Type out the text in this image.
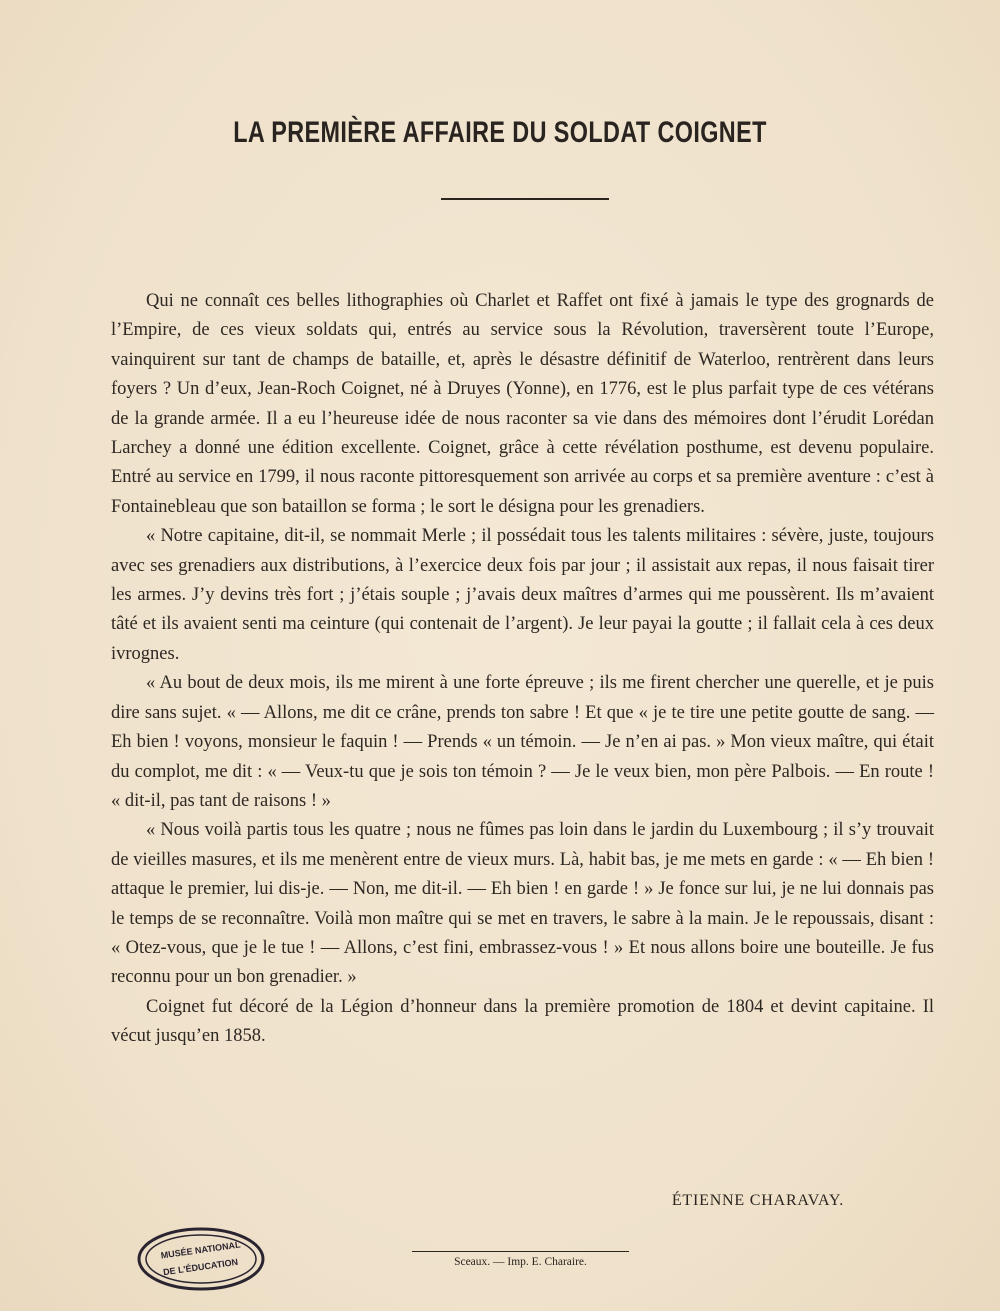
LA PREMIÈRE AFFAIRE DU SOLDAT COIGNET

Qui ne connaît ces belles lithographies où Charlet et Raffet ont fixé à jamais le type des grognards de l’Empire, de ces vieux soldats qui, entrés au service sous la Révolution, traversèrent toute l’Europe, vainquirent sur tant de champs de bataille, et, après le désastre définitif de Waterloo, rentrèrent dans leurs foyers ? Un d’eux, Jean-Roch Coignet, né à Druyes (Yonne), en 1776, est le plus parfait type de ces vétérans de la grande armée. Il a eu l’heureuse idée de nous raconter sa vie dans des mémoires dont l’érudit Lorédan Larchey a donné une édition excellente. Coignet, grâce à cette révélation posthume, est devenu populaire. Entré au service en 1799, il nous raconte pittoresquement son arrivée au corps et sa première aventure : c’est à Fontainebleau que son bataillon se forma ; le sort le désigna pour les grenadiers.

« Notre capitaine, dit-il, se nommait Merle ; il possédait tous les talents militaires : sévère, juste, toujours avec ses grenadiers aux distributions, à l’exercice deux fois par jour ; il assistait aux repas, il nous faisait tirer les armes. J’y devins très fort ; j’étais souple ; j’avais deux maîtres d’armes qui me poussèrent. Ils m’avaient tâté et ils avaient senti ma ceinture (qui contenait de l’argent). Je leur payai la goutte ; il fallait cela à ces deux ivrognes.

« Au bout de deux mois, ils me mirent à une forte épreuve ; ils me firent chercher une querelle, et je puis dire sans sujet. « — Allons, me dit ce crâne, prends ton sabre ! Et que « je te tire une petite goutte de sang. — Eh bien ! voyons, monsieur le faquin ! — Prends « un témoin. — Je n’en ai pas. » Mon vieux maître, qui était du complot, me dit : « — Veux-tu que je sois ton témoin ? — Je le veux bien, mon père Palbois. — En route ! « dit-il, pas tant de raisons ! »

« Nous voilà partis tous les quatre ; nous ne fûmes pas loin dans le jardin du Luxembourg ; il s’y trouvait de vieilles masures, et ils me menèrent entre de vieux murs. Là, habit bas, je me mets en garde : « — Eh bien ! attaque le premier, lui dis-je. — Non, me dit-il. — Eh bien ! en garde ! » Je fonce sur lui, je ne lui donnais pas le temps de se reconnaître. Voilà mon maître qui se met en travers, le sabre à la main. Je le repoussais, disant : « Otez-vous, que je le tue ! — Allons, c’est fini, embrassez-vous ! » Et nous allons boire une bouteille. Je fus reconnu pour un bon grenadier. »

Coignet fut décoré de la Légion d’honneur dans la première promotion de 1804 et devint capitaine. Il vécut jusqu’en 1858.

ÉTIENNE CHARAVAY.
MUSÉE NATIONAL
DE L'ÉDUCATION	Sceaux. — Imp. E. Charaire.
